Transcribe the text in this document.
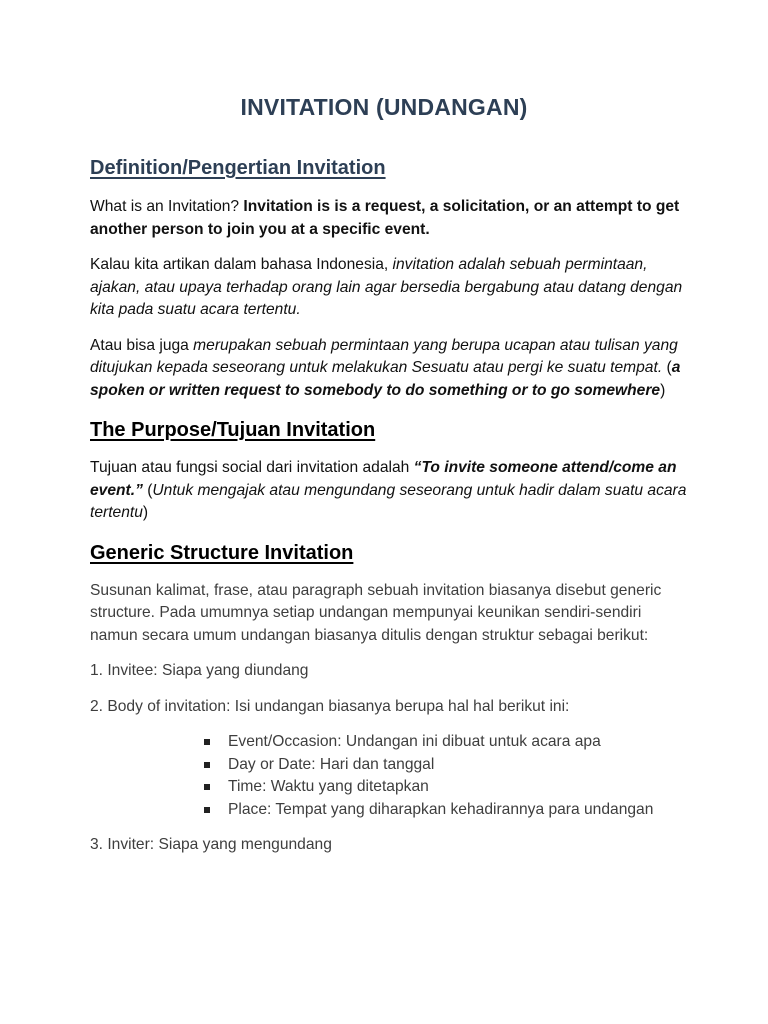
INVITATION (UNDANGAN)
Definition/Pengertian Invitation

What is an Invitation? Invitation is is a request, a solicitation, or an attempt to get another person to join you at a specific event.

Kalau kita artikan dalam bahasa Indonesia, invitation adalah sebuah permintaan, ajakan, atau upaya terhadap orang lain agar bersedia bergabung atau datang dengan kita pada suatu acara tertentu.

Atau bisa juga merupakan sebuah permintaan yang berupa ucapan atau tulisan yang ditujukan kepada seseorang untuk melakukan Sesuatu atau pergi ke suatu tempat. (a spoken or written request to somebody to do something or to go somewhere)

The Purpose/Tujuan Invitation

Tujuan atau fungsi social dari invitation adalah “To invite someone attend/come an event.” (Untuk mengajak atau mengundang seseorang untuk hadir dalam suatu acara tertentu)

Generic Structure Invitation

Susunan kalimat, frase, atau paragraph sebuah invitation biasanya disebut generic structure. Pada umumnya setiap undangan mempunyai keunikan sendiri-sendiri namun secara umum undangan biasanya ditulis dengan struktur sebagai berikut:

1. Invitee: Siapa yang diundang

2. Body of invitation: Isi undangan biasanya berupa hal hal berikut ini:

Event/Occasion: Undangan ini dibuat untuk acara apa
Day or Date: Hari dan tanggal
Time: Waktu yang ditetapkan
Place: Tempat yang diharapkan kehadirannya para undangan

3. Inviter: Siapa yang mengundang
